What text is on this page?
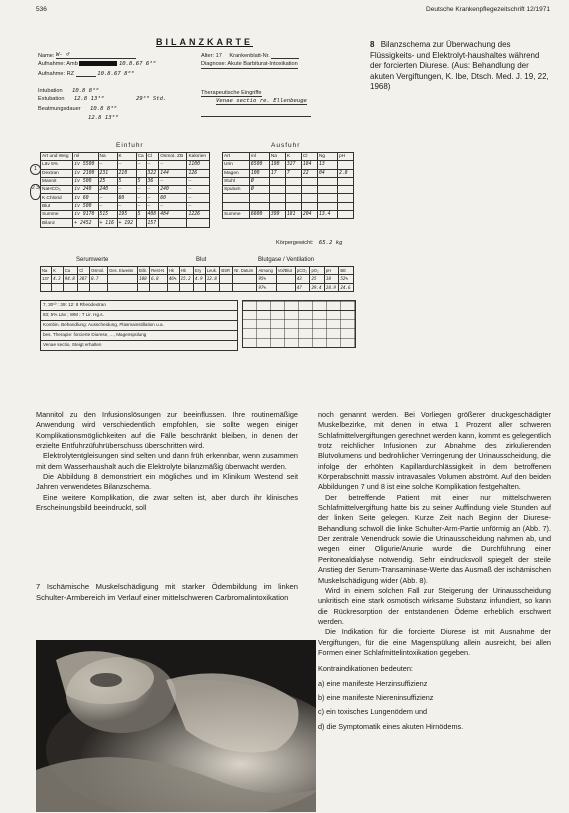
536	Deutsche Krankenpflegezeitschrift 12/1971
BILANZKARTE
Name: W- ♂
Aufnahme: Amb	10.8.67 6³⁰
Aufnahme: RZ	10.8.67 8⁰⁰
Alter: 17 Krankenblatt-Nr.
Diagnose: Akute Barbiturat-Intoxikation
Intubation 10.8 8³⁰
Extubation 12.8 13³⁰
Beatmungsdauer 10.8 8³⁰
12.8 13³⁰
29³⁰ Std.
Therapeutische Eingriffe
Venae sectio re. Ellenbeuge
Einfuhr	Ausfuhr
1
2 3
Art und Weg	ml	Na	K	Ca	Cl	Osmot. ZB	Kalorien
Läv 5%	iv 5500	—	—	—	—	—	1100
Dextran	iv 2100	231	210		322	144	126
Mannit	iv 500	25	5	5	36	—	—
NaHCO₃	iv 240	240	—	—	—	240	—
K.Chlorid	iv 60	—	60	—	—	60	—
Blut	iv 500	—	—	—	—	—	—
Summe	iv 9170	515	195	5	408	484	1226
Bilanz	+ 2452	+ 116	+ 192		157		
Art	ml	Na	K	Cl	Ng	pH
Urin	6500	190	327	184	13	
Magen	100	17	7	22	04	2.8
Stuhl	Ø					
Sputum	Ø					

Summe	6600	399	181	204	13.4	
Körpergewicht: 65.2 kg
Serumwerte	Blut	Blutgase / Ventilation
Na	K	Ca	Cl	Osmol.	Ges. Eiweiss	Bilir.	Rest-N	Hk	Hb	Ery	Leuk.	BSR	Nr. Datum	Atmung	Vol/Blut	pCO₂	pO₂	pH	BE
137	4.3	94.8	307	0.7		100	6.8	46%	15.2	4.9	12.8			95%		43	25	10	52%
														97%		47	29.4	28.9	24.6
7, 30¹⁰ : 39: 12: 8 Rheodextran
83; 5% Läv ; WM ; T Lir. Hg.s.
Kombin. Behandlung: Ausscheidung, Plasmainstillation u.a.
bes. Therapie: forcierte Diurese, ..., Magenspülung
Venae sectio, Steigt erhalten
8 Bilanzschema zur Überwachung des Flüssigkeits- und Elektrolyt-haushaltes während der forcierten Diurese. (Aus: Behandlung der akuten Vergiftungen, K. Ibe, Dtsch. Med. J. 19, 22, 1968)

Mannitol zu den Infusionslösungen zur beeinflussen. Ihre routinemäßige Anwendung wird verschiedentlich empfohlen, sie sollte wegen einiger Komplikationsmöglichkeiten auf die Fälle beschränkt bleiben, in denen der erzielte Entfuhrzüfuhrüberschuss überschritten wird.

Elektrolytentgleisungen sind selten und dann früh erkennbar, wenn zusammen mit dem Wasserhaushalt auch die Elektrolyte bilanzmäßig überwacht werden.

Die Abbildung 8 demonstriert ein mögliches und im Klinikum Westend seit Jahren verwendetes Bilanzschema.

Eine weitere Komplikation, die zwar selten ist, aber durch ihr klinisches Erscheinungsbild beeindruckt, soll

7 Ischämische Muskelschädigung mit starker Ödembildung im linken Schulter-Armbereich im Verlauf einer mittelschweren Carbromalintoxikation

noch genannt werden. Bei Vorliegen größerer druckgeschädigter Muskelbezirke, mit denen in etwa 1 Prozent aller schweren Schlafmittelvergiftungen gerechnet werden kann, kommt es gelegentlich trotz reichlicher Infusionen zur Abnahme des zirkulierenden Blutvolumens und bedrohlicher Verringerung der Urinausscheidung, die infolge der erhöhten Kapillardurchlässigkeit in dem betroffenen Körperabschnitt massiv intravasales Volumen abströmt. Auf den beiden Abbildungen 7 und 8 ist eine solche Komplikation festgehalten.

Der betreffende Patient mit einer nur mittelschweren Schlafmittelvergiftung hatte bis zu seiner Auffindung viele Stunden auf der linken Seite gelegen. Kurze Zeit nach Beginn der Diurese-Behandlung schwoll die linke Schulter-Arm-Partie unförmig an (Abb. 7). Der zentrale Venendruck sowie die Urinausscheidung nahmen ab, und wegen einer Oligurie/Anurie wurde die Durchführung einer Peritonealdialyse notwendig. Sehr eindrucksvoll spiegelt der steile Anstieg der Serum-Transaminase-Werte das Ausmaß der ischämischen Muskelschädigung wider (Abb. 8).

Wird in einem solchen Fall zur Steigerung der Urinausscheidung unkritisch eine stark osmotisch wirksame Substanz infundiert, so kann die Rückresorption der entstandenen Ödeme erheblich erschwert werden.

Die Indikation für die forcierte Diurese ist mit Ausnahme der Vergiftungen, für die eine Magenspülung allein ausreicht, bei allen Formen einer Schlafmittelintoxikation gegeben.

Kontraindikationen bedeuten:

a) eine manifeste Herzinsuffizienz

b) eine manifeste Niereninsuffizienz

c) ein toxisches Lungenödem und

d) die Symptomatik eines akuten Hirnödems.
